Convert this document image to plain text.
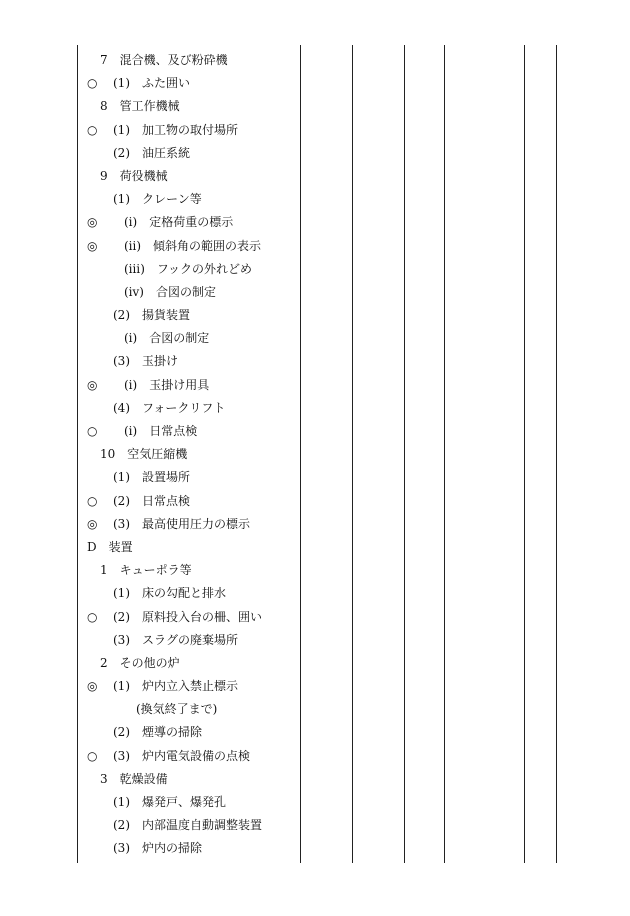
7　混合機、及び粉砕機
○ (1)　ふた囲い
8　管工作機械
○ (1)　加工物の取付場所
(2)　油圧系統
9　荷役機械
(1)　クレーン等
◎ (ⅰ)　定格荷重の標示
◎ (ⅱ)　傾斜角の範囲の表示
(ⅲ)　フックの外れどめ
(ⅳ)　合図の制定
(2)　揚貨装置
(ⅰ)　合図の制定
(3)　玉掛け
◎ (ⅰ)　玉掛け用具
(4)　フォークリフト
○ (ⅰ)　日常点検
10　空気圧縮機
(1)　設置場所
○ (2)　日常点検
◎ (3)　最高使用圧力の標示
D　装置
1　キューポラ等
(1)　床の勾配と排水
○ (2)　原料投入台の柵、囲い
(3)　スラグの廃棄場所
2　その他の炉
◎ (1)　炉内立入禁止標示
(換気終了まで)
(2)　煙導の掃除
○ (3)　炉内電気設備の点検
3　乾燥設備
(1)　爆発戸、爆発孔
(2)　内部温度自動調整装置
(3)　炉内の掃除
